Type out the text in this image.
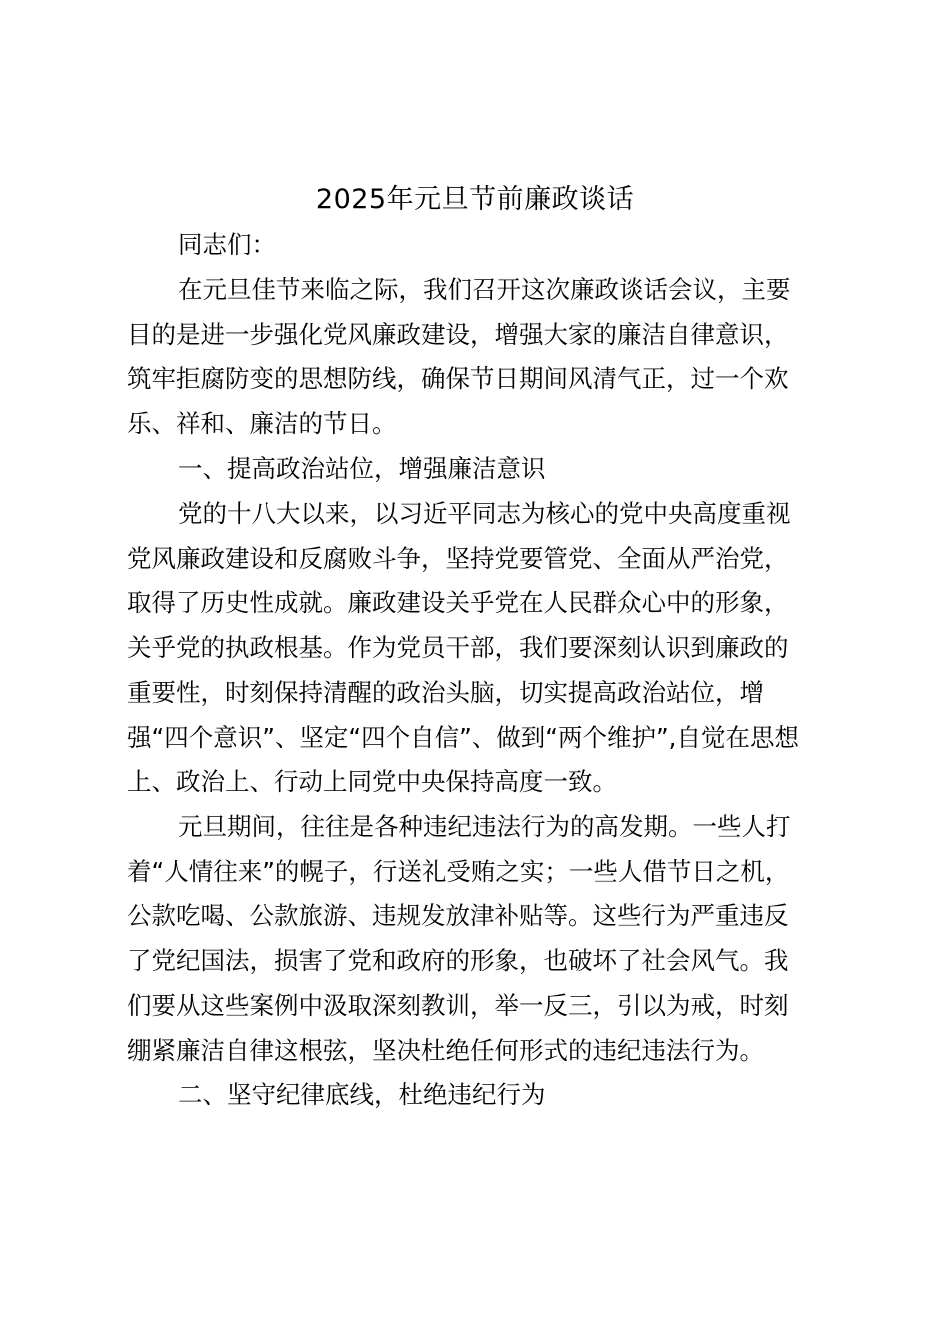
2025年元旦节前廉政谈话

同志们：

在元旦佳节来临之际，我们召开这次廉政谈话会议，主要
目的是进一步强化党风廉政建设，增强大家的廉洁自律意识，
筑牢拒腐防变的思想防线，确保节日期间风清气正，过一个欢
乐、祥和、廉洁的节日。

一、提高政治站位，增强廉洁意识

党的十八大以来，以习近平同志为核心的党中央高度重视
党风廉政建设和反腐败斗争，坚持党要管党、全面从严治党，
取得了历史性成就。廉政建设关乎党在人民群众心中的形象，
关乎党的执政根基。作为党员干部，我们要深刻认识到廉政的
重要性，时刻保持清醒的政治头脑，切实提高政治站位，增
强“四个意识”、坚定“四个自信”、做到“两个维护”,自觉在思想
上、政治上、行动上同党中央保持高度一致。

元旦期间，往往是各种违纪违法行为的高发期。一些人打
着“人情往来”的幌子，行送礼受贿之实；一些人借节日之机，
公款吃喝、公款旅游、违规发放津补贴等。这些行为严重违反
了党纪国法，损害了党和政府的形象，也破坏了社会风气。我
们要从这些案例中汲取深刻教训，举一反三，引以为戒，时刻
绷紧廉洁自律这根弦，坚决杜绝任何形式的违纪违法行为。

二、坚守纪律底线，杜绝违纪行为
